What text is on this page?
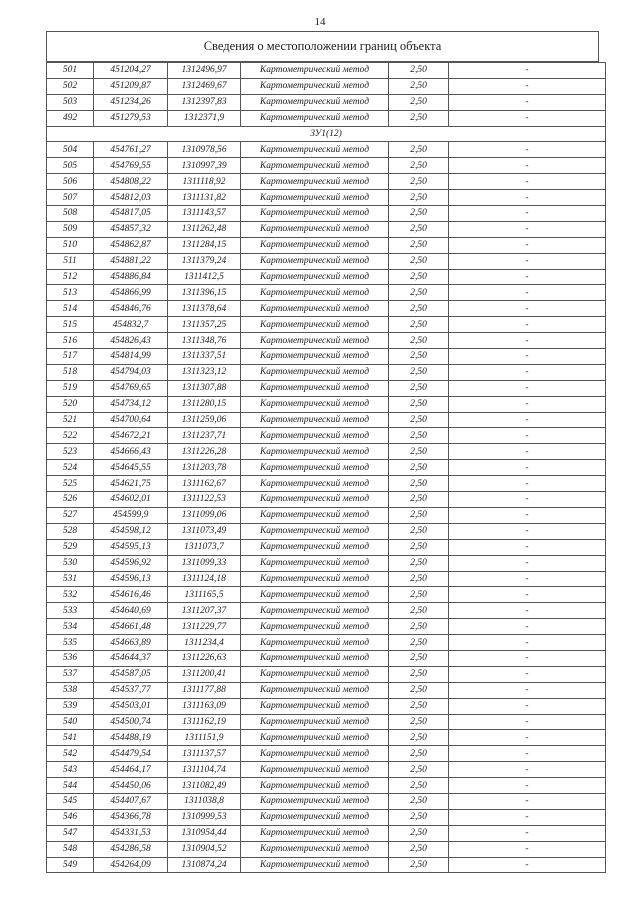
14
Сведения о местоположении границ объекта
501	451204,27	1312496,97	Картометрический метод	2,50	-
502	451209,87	1312469,67	Картометрический метод	2,50	-
503	451234,26	1312397,83	Картометрический метод	2,50	-
492	451279,53	1312371,9	Картометрический метод	2,50	-
ЗУ1(12)					
504	454761,27	1310978,56	Картометрический метод	2,50	-
505	454769,55	1310997,39	Картометрический метод	2,50	-
506	454808,22	1311118,92	Картометрический метод	2,50	-
507	454812,03	1311131,82	Картометрический метод	2,50	-
508	454817,05	1311143,57	Картометрический метод	2,50	-
509	454857,32	1311262,48	Картометрический метод	2,50	-
510	454862,87	1311284,15	Картометрический метод	2,50	-
511	454881,22	1311379,24	Картометрический метод	2,50	-
512	454886,84	1311412,5	Картометрический метод	2,50	-
513	454866,99	1311396,15	Картометрический метод	2,50	-
514	454846,76	1311378,64	Картометрический метод	2,50	-
515	454832,7	1311357,25	Картометрический метод	2,50	-
516	454826,43	1311348,76	Картометрический метод	2,50	-
517	454814,99	1311337,51	Картометрический метод	2,50	-
518	454794,03	1311323,12	Картометрический метод	2,50	-
519	454769,65	1311307,88	Картометрический метод	2,50	-
520	454734,12	1311280,15	Картометрический метод	2,50	-
521	454700,64	1311259,06	Картометрический метод	2,50	-
522	454672,21	1311237,71	Картометрический метод	2,50	-
523	454666,43	1311226,28	Картометрический метод	2,50	-
524	454645,55	1311203,78	Картометрический метод	2,50	-
525	454621,75	1311162,67	Картометрический метод	2,50	-
526	454602,01	1311122,53	Картометрический метод	2,50	-
527	454599,9	1311099,06	Картометрический метод	2,50	-
528	454598,12	1311073,49	Картометрический метод	2,50	-
529	454595,13	1311073,7	Картометрический метод	2,50	-
530	454596,92	1311099,33	Картометрический метод	2,50	-
531	454596,13	1311124,18	Картометрический метод	2,50	-
532	454616,46	1311165,5	Картометрический метод	2,50	-
533	454640,69	1311207,37	Картометрический метод	2,50	-
534	454661,48	1311229,77	Картометрический метод	2,50	-
535	454663,89	1311234,4	Картометрический метод	2,50	-
536	454644,37	1311226,63	Картометрический метод	2,50	-
537	454587,05	1311200,41	Картометрический метод	2,50	-
538	454537,77	1311177,88	Картометрический метод	2,50	-
539	454503,01	1311163,09	Картометрический метод	2,50	-
540	454500,74	1311162,19	Картометрический метод	2,50	-
541	454488,19	1311151,9	Картометрический метод	2,50	-
542	454479,54	1311137,57	Картометрический метод	2,50	-
543	454464,17	1311104,74	Картометрический метод	2,50	-
544	454450,06	1311082,49	Картометрический метод	2,50	-
545	454407,67	1311038,8	Картометрический метод	2,50	-
546	454366,78	1310999,53	Картометрический метод	2,50	-
547	454331,53	1310954,44	Картометрический метод	2,50	-
548	454286,58	1310904,52	Картометрический метод	2,50	-
549	454264,09	1310874,24	Картометрический метод	2,50	-
